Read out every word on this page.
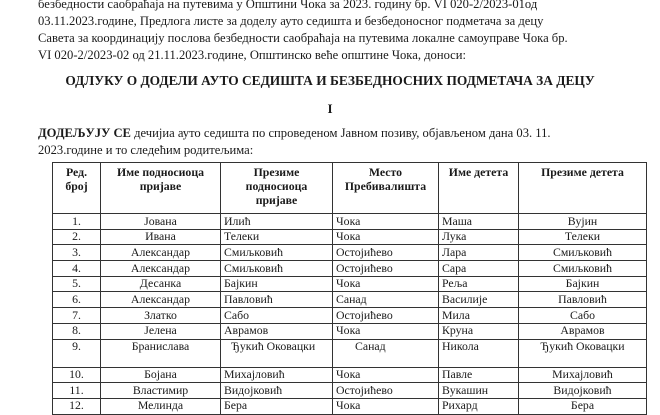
безбедности саобраћаја на путевима у Општини Чока за 2023. годину бр. VI 020-2/2023-01од
03.11.2023.године, Предлога листе за доделу ауто седишта и безбедоносног подметача за децу
Савета за координацију послова безбедности саобраћаја на путевима локалне самоуправе Чока бр.
VI 020-2/2023-02 од 21.11.2023.године, Општинско веће општине Чока, доноси:
ОДЛУКУ О ДОДЕЛИ АУТО СЕДИШТА И БЕЗБЕДНОСНИХ ПОДМЕТАЧА ЗА ДЕЦУ
I
ДОДЕЉУЈУ СЕ дечијиа ауто седишта по спроведеном Јавном позиву, објављеном дана 03. 11.
2023.године и то следећим родитељима:
Ред. број	Име подносиоца пријаве	Презиме подносиоца пријаве	Место Пребивалишта	Име детета	Презиме детета
1.	Јована	Илић	Чока	Маша	Вујин
2.	Ивана	Телеки	Чока	Лука	Телеки
3.	Александар	Смиљковић	Остојићево	Лара	Смиљковић
4.	Александар	Смиљковић	Остојићево	Сара	Смиљковић
5.	Десанка	Бајкин	Чока	Реља	Бајкин
6.	Александар	Павловић	Санад	Василије	Павловић
7.	Златко	Сабо	Остојићево	Мила	Сабо
8.	Јелена	Аврамов	Чока	Круна	Аврамов
9.	Бранислава	Ђукић Оковацки	Санад	Никола	Ђукић Оковацки
10.	Бојана	Михајловић	Чока	Павле	Михајловић
11.	Властимир	Видојковић	Остојићево	Вукашин	Видојковић
12.	Мелинда	Бера	Чока	Рихард	Бера
